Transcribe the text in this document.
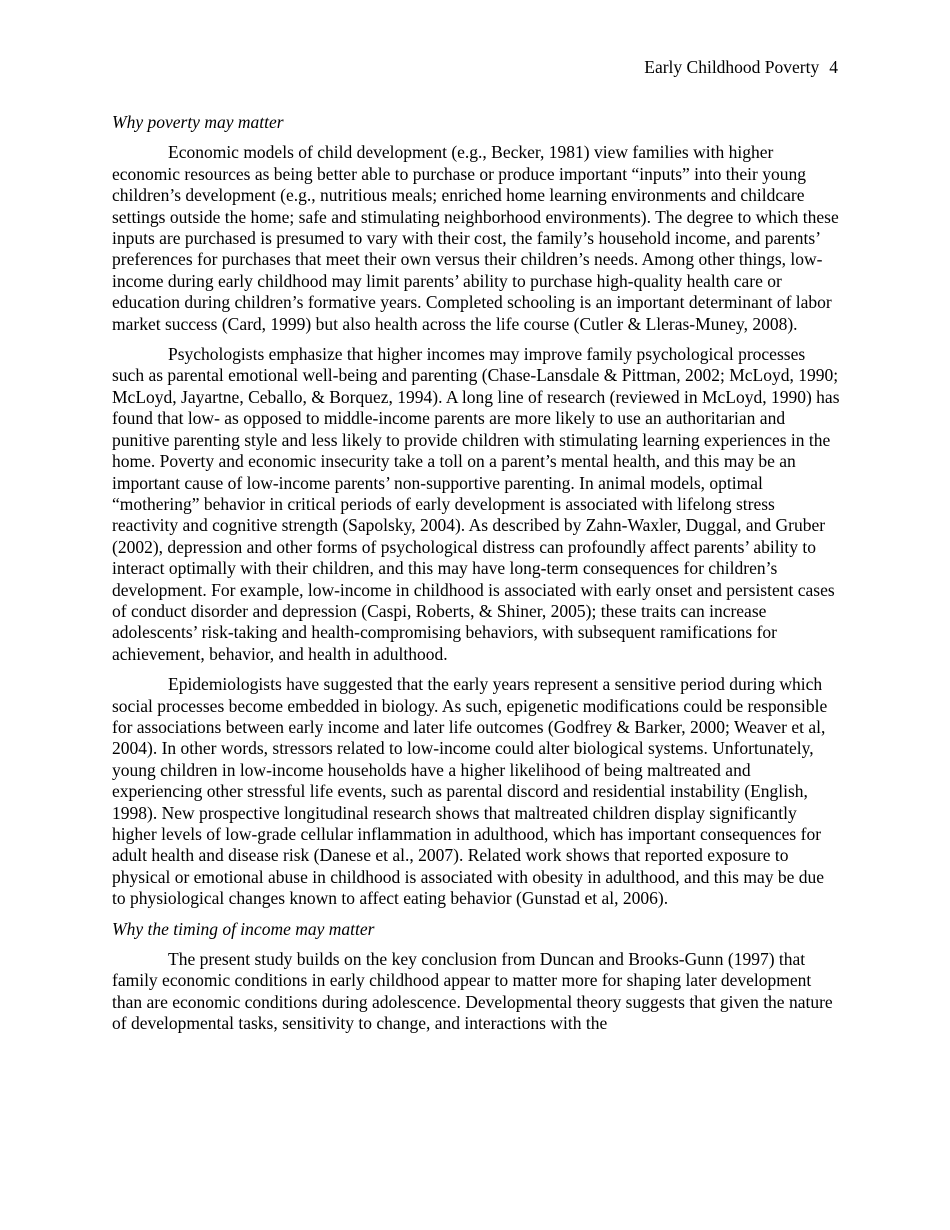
Early Childhood Poverty 4

Why poverty may matter

Economic models of child development (e.g., Becker, 1981) view families with higher economic resources as being better able to purchase or produce important “inputs” into their young children’s development (e.g., nutritious meals; enriched home learning environments and childcare settings outside the home; safe and stimulating neighborhood environments). The degree to which these inputs are purchased is presumed to vary with their cost, the family’s household income, and parents’ preferences for purchases that meet their own versus their children’s needs. Among other things, low-income during early childhood may limit parents’ ability to purchase high-quality health care or education during children’s formative years. Completed schooling is an important determinant of labor market success (Card, 1999) but also health across the life course (Cutler & Lleras-Muney, 2008).

Psychologists emphasize that higher incomes may improve family psychological processes such as parental emotional well-being and parenting (Chase-Lansdale & Pittman, 2002; McLoyd, 1990; McLoyd, Jayartne, Ceballo, & Borquez, 1994). A long line of research (reviewed in McLoyd, 1990) has found that low- as opposed to middle-income parents are more likely to use an authoritarian and punitive parenting style and less likely to provide children with stimulating learning experiences in the home. Poverty and economic insecurity take a toll on a parent’s mental health, and this may be an important cause of low-income parents’ non-supportive parenting. In animal models, optimal “mothering” behavior in critical periods of early development is associated with lifelong stress reactivity and cognitive strength (Sapolsky, 2004). As described by Zahn-Waxler, Duggal, and Gruber (2002), depression and other forms of psychological distress can profoundly affect parents’ ability to interact optimally with their children, and this may have long-term consequences for children’s development. For example, low-income in childhood is associated with early onset and persistent cases of conduct disorder and depression (Caspi, Roberts, & Shiner, 2005); these traits can increase adolescents’ risk-taking and health-compromising behaviors, with subsequent ramifications for achievement, behavior, and health in adulthood.

Epidemiologists have suggested that the early years represent a sensitive period during which social processes become embedded in biology. As such, epigenetic modifications could be responsible for associations between early income and later life outcomes (Godfrey & Barker, 2000; Weaver et al, 2004). In other words, stressors related to low-income could alter biological systems. Unfortunately, young children in low-income households have a higher likelihood of being maltreated and experiencing other stressful life events, such as parental discord and residential instability (English, 1998). New prospective longitudinal research shows that maltreated children display significantly higher levels of low-grade cellular inflammation in adulthood, which has important consequences for adult health and disease risk (Danese et al., 2007). Related work shows that reported exposure to physical or emotional abuse in childhood is associated with obesity in adulthood, and this may be due to physiological changes known to affect eating behavior (Gunstad et al, 2006).

Why the timing of income may matter

The present study builds on the key conclusion from Duncan and Brooks-Gunn (1997) that family economic conditions in early childhood appear to matter more for shaping later development than are economic conditions during adolescence. Developmental theory suggests that given the nature of developmental tasks, sensitivity to change, and interactions with the
